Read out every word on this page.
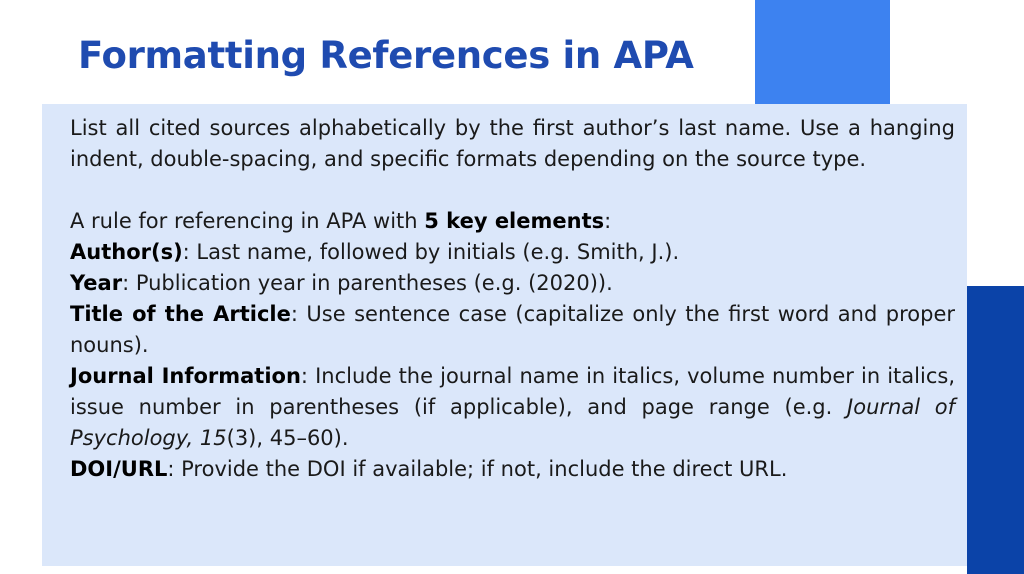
Formatting References in APA

List all cited sources alphabetically by the first author’s last name. Use a hanging indent, double-spacing, and specific formats depending on the source type.

A rule for referencing in APA with 5 key elements:

Author(s): Last name, followed by initials (e.g. Smith, J.).

Year: Publication year in parentheses (e.g. (2020)).

Title of the Article: Use sentence case (capitalize only the first word and proper nouns).

Journal Information: Include the journal name in italics, volume number in italics, issue number in parentheses (if applicable), and page range (e.g. Journal of Psychology, 15(3), 45–60).

DOI/URL: Provide the DOI if available; if not, include the direct URL.
